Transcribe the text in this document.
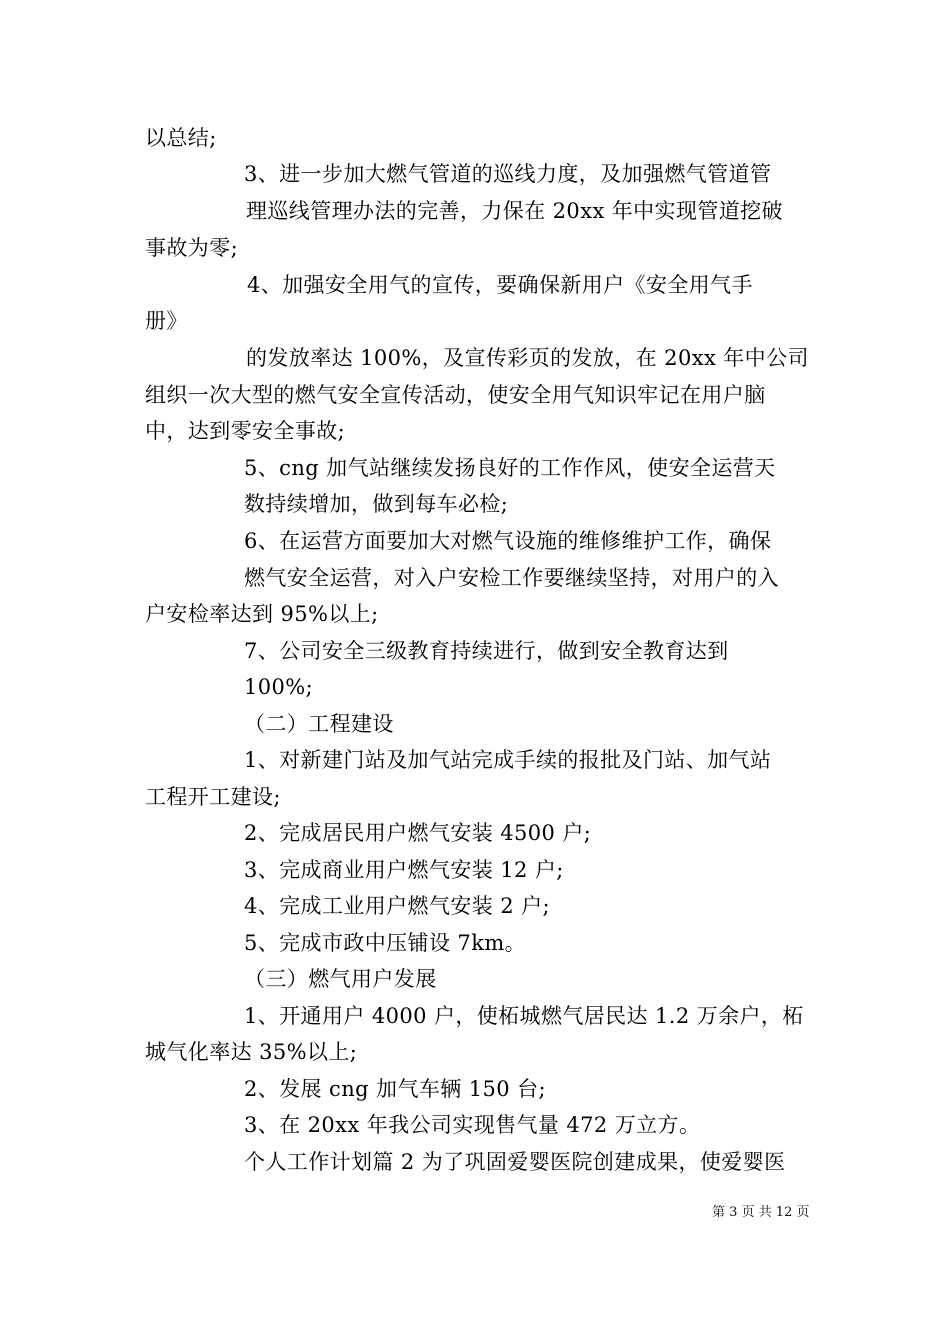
以总结;
3、进一步加大燃气管道的巡线力度，及加强燃气管道管
理巡线管理办法的完善，力保在 20xx 年中实现管道挖破
事故为零;
4、加强安全用气的宣传，要确保新用户《安全用气手
册》
的发放率达 100%，及宣传彩页的发放，在 20xx 年中公司
组织一次大型的燃气安全宣传活动，使安全用气知识牢记在用户脑
中，达到零安全事故;
5、cng 加气站继续发扬良好的工作作风，使安全运营天
数持续增加，做到每车必检;
6、在运营方面要加大对燃气设施的维修维护工作，确保
燃气安全运营，对入户安检工作要继续坚持，对用户的入
户安检率达到 95%以上;
7、公司安全三级教育持续进行，做到安全教育达到
100%;
（二）工程建设
1、对新建门站及加气站完成手续的报批及门站、加气站
工程开工建设;
2、完成居民用户燃气安装 4500 户;
3、完成商业用户燃气安装 12 户;
4、完成工业用户燃气安装 2 户;
5、完成市政中压铺设 7km。
（三）燃气用户发展
1、开通用户 4000 户，使柘城燃气居民达 1.2 万余户，柘
城气化率达 35%以上;
2、发展 cng 加气车辆 150 台;
3、在 20xx 年我公司实现售气量 472 万立方。
个人工作计划篇 2 为了巩固爱婴医院创建成果，使爱婴医
第 3 页 共 12 页
